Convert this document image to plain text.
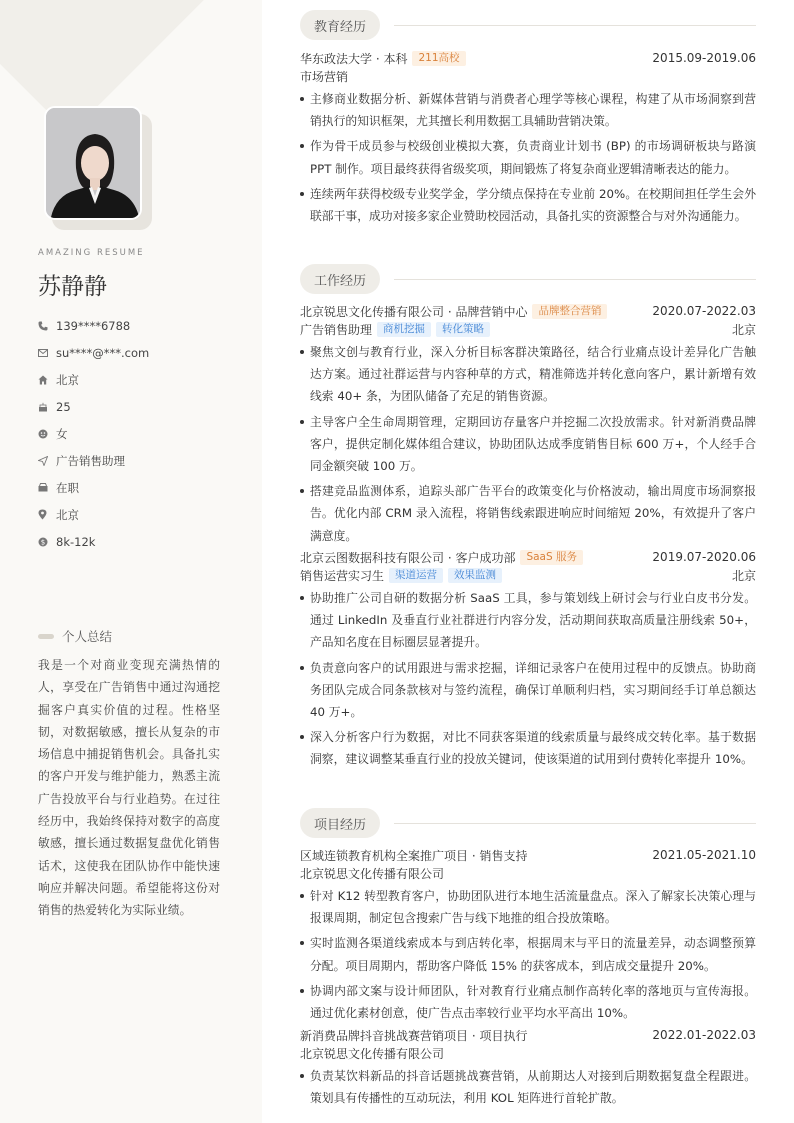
AMAZING RESUME
苏静静
139****6788
su****@***.com
北京
25
女
广告销售助理
在职
北京
$ 8k-12k
个人总结
我是一个对商业变现充满热情的人，享受在广告销售中通过沟通挖掘客户真实价值的过程。性格坚韧，对数据敏感，擅长从复杂的市场信息中捕捉销售机会。具备扎实的客户开发与维护能力，熟悉主流广告投放平台与行业趋势。在过往经历中，我始终保持对数字的高度敏感，擅长通过数据复盘优化销售话术，这使我在团队协作中能快速响应并解决问题。希望能将这份对销售的热爱转化为实际业绩。
教育经历
华东政法大学 · 本科	211高校	2015.09-2019.06
市场营销
主修商业数据分析、新媒体营销与消费者心理学等核心课程，构建了从市场洞察到营销执行的知识框架，尤其擅长利用数据工具辅助营销决策。
作为骨干成员参与校级创业模拟大赛，负责商业计划书 (BP) 的市场调研板块与路演 PPT 制作。项目最终获得省级奖项，期间锻炼了将复杂商业逻辑清晰表达的能力。
连续两年获得校级专业奖学金，学分绩点保持在专业前 20%。在校期间担任学生会外联部干事，成功对接多家企业赞助校园活动，具备扎实的资源整合与对外沟通能力。
工作经历
北京锐思文化传播有限公司 · 品牌营销中心	品牌整合营销	2020.07-2022.03
广告销售助理	商机挖掘	转化策略	北京
聚焦文创与教育行业，深入分析目标客群决策路径，结合行业痛点设计差异化广告触达方案。通过社群运营与内容种草的方式，精准筛选并转化意向客户，累计新增有效线索 40+ 条，为团队储备了充足的销售资源。
主导客户全生命周期管理，定期回访存量客户并挖掘二次投放需求。针对新消费品牌客户，提供定制化媒体组合建议，协助团队达成季度销售目标 600 万+，个人经手合同金额突破 100 万。
搭建竞品监测体系，追踪头部广告平台的政策变化与价格波动，输出周度市场洞察报告。优化内部 CRM 录入流程，将销售线索跟进响应时间缩短 20%，有效提升了客户满意度。
北京云图数据科技有限公司 · 客户成功部	SaaS 服务	2019.07-2020.06
销售运营实习生	渠道运营	效果监测	北京
协助推广公司自研的数据分析 SaaS 工具，参与策划线上研讨会与行业白皮书分发。通过 LinkedIn 及垂直行业社群进行内容分发，活动期间获取高质量注册线索 50+，产品知名度在目标圈层显著提升。
负责意向客户的试用跟进与需求挖掘，详细记录客户在使用过程中的反馈点。协助商务团队完成合同条款核对与签约流程，确保订单顺利归档，实习期间经手订单总额达 40 万+。
深入分析客户行为数据，对比不同获客渠道的线索质量与最终成交转化率。基于数据洞察，建议调整某垂直行业的投放关键词，使该渠道的试用到付费转化率提升 10%。
项目经历
区域连锁教育机构全案推广项目 · 销售支持	2021.05-2021.10
北京锐思文化传播有限公司
针对 K12 转型教育客户，协助团队进行本地生活流量盘点。深入了解家长决策心理与报课周期，制定包含搜索广告与线下地推的组合投放策略。
实时监测各渠道线索成本与到店转化率，根据周末与平日的流量差异，动态调整预算分配。项目周期内，帮助客户降低 15% 的获客成本，到店成交量提升 20%。
协调内部文案与设计师团队，针对教育行业痛点制作高转化率的落地页与宣传海报。通过优化素材创意，使广告点击率较行业平均水平高出 10%。
新消费品牌抖音挑战赛营销项目 · 项目执行	2022.01-2022.03
北京锐思文化传播有限公司
负责某饮料新品的抖音话题挑战赛营销，从前期达人对接到后期数据复盘全程跟进。策划具有传播性的互动玩法，利用 KOL 矩阵进行首轮扩散。
